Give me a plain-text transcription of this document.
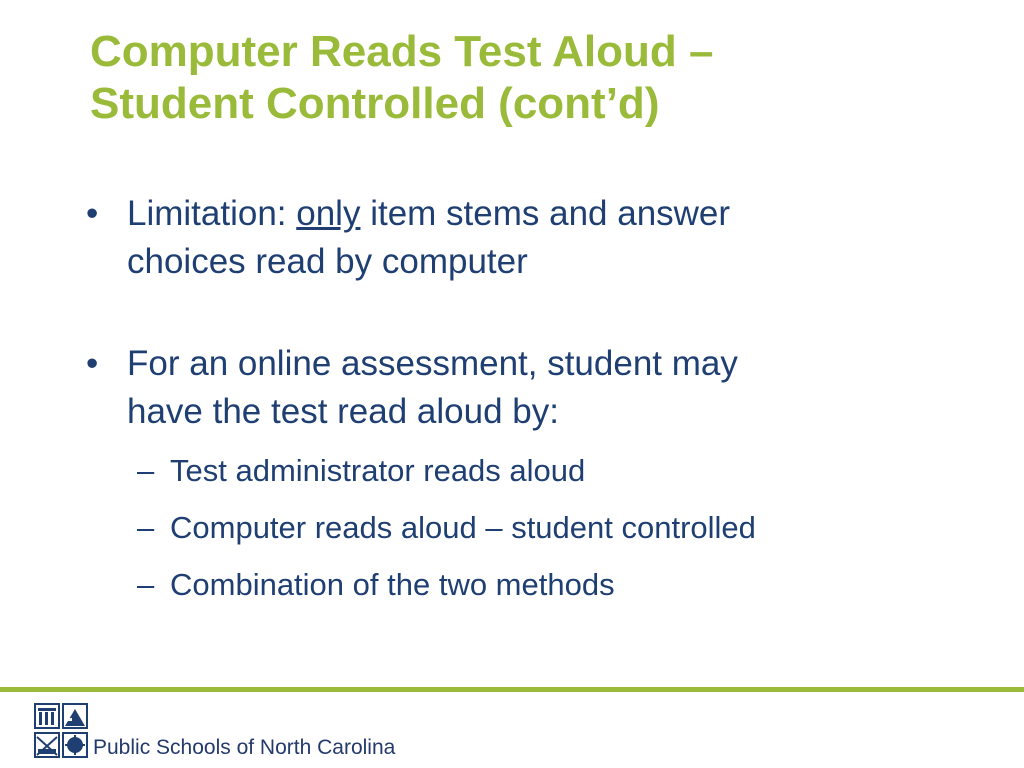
Computer Reads Test Aloud –
Student Controlled (cont’d)
• Limitation: only item stems and answer
choices read by computer
• For an online assessment, student may
have the test read aloud by:
– Test administrator reads aloud
– Computer reads aloud – student controlled
– Combination of the two methods
Public Schools of North Carolina
